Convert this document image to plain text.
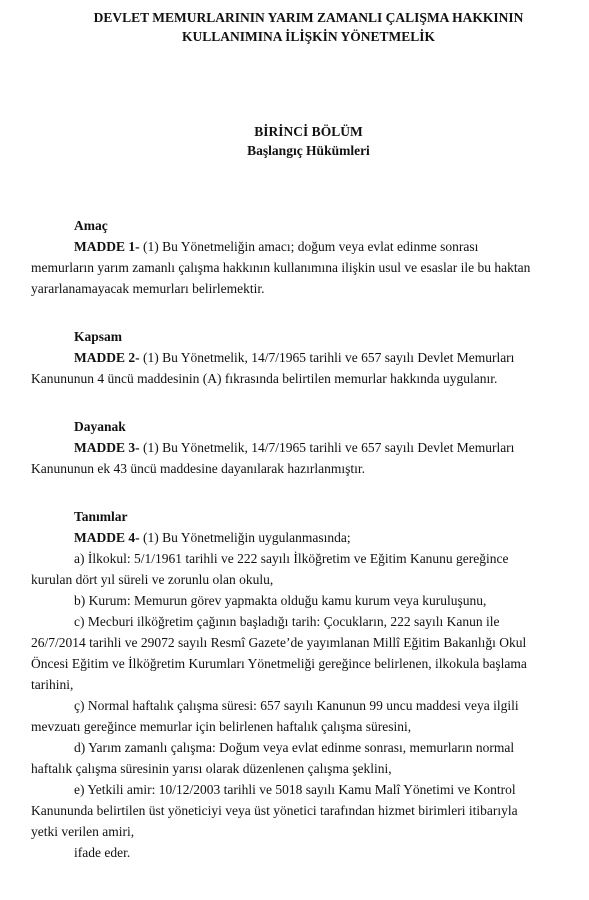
DEVLET MEMURLARININ YARIM ZAMANLI ÇALIŞMA HAKKININ
KULLANIMINA İLİŞKİN YÖNETMELİK
BİRİNCİ BÖLÜM
Başlangıç Hükümleri

Amaç

MADDE 1- (1) Bu Yönetmeliğin amacı; doğum veya evlat edinme sonrası

memurların yarım zamanlı çalışma hakkının kullanımına ilişkin usul ve esaslar ile bu haktan

yararlanamayacak memurları belirlemektir.

Kapsam

MADDE 2- (1) Bu Yönetmelik, 14/7/1965 tarihli ve 657 sayılı Devlet Memurları

Kanununun 4 üncü maddesinin (A) fıkrasında belirtilen memurlar hakkında uygulanır.

Dayanak

MADDE 3- (1) Bu Yönetmelik, 14/7/1965 tarihli ve 657 sayılı Devlet Memurları

Kanununun ek 43 üncü maddesine dayanılarak hazırlanmıştır.

Tanımlar

MADDE 4- (1) Bu Yönetmeliğin uygulanmasında;

a) İlkokul: 5/1/1961 tarihli ve 222 sayılı İlköğretim ve Eğitim Kanunu gereğince

kurulan dört yıl süreli ve zorunlu olan okulu,

b) Kurum: Memurun görev yapmakta olduğu kamu kurum veya kuruluşunu,

c) Mecburi ilköğretim çağının başladığı tarih: Çocukların, 222 sayılı Kanun ile

26/7/2014 tarihli ve 29072 sayılı Resmî Gazete’de yayımlanan Millî Eğitim Bakanlığı Okul

Öncesi Eğitim ve İlköğretim Kurumları Yönetmeliği gereğince belirlenen, ilkokula başlama

tarihini,

ç) Normal haftalık çalışma süresi: 657 sayılı Kanunun 99 uncu maddesi veya ilgili

mevzuatı gereğince memurlar için belirlenen haftalık çalışma süresini,

d) Yarım zamanlı çalışma: Doğum veya evlat edinme sonrası, memurların normal

haftalık çalışma süresinin yarısı olarak düzenlenen çalışma şeklini,

e) Yetkili amir: 10/12/2003 tarihli ve 5018 sayılı Kamu Malî Yönetimi ve Kontrol

Kanununda belirtilen üst yöneticiyi veya üst yönetici tarafından hizmet birimleri itibarıyla

yetki verilen amiri,

ifade eder.
